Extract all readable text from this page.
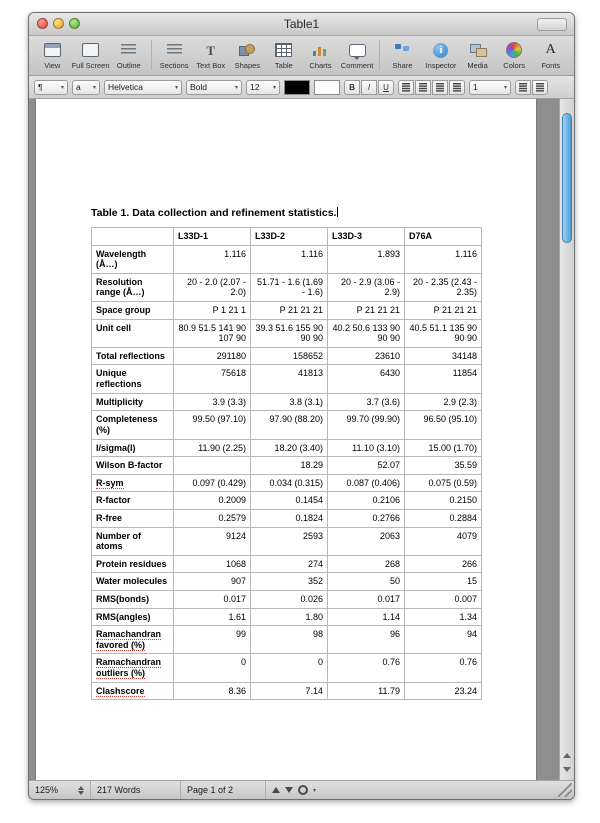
Table1
View Full Screen Outline	Sections
T
Text Box Shapes Table Charts Comment	Share
i
Inspector Media Colors
A
Fonts
¶	▾ a	▾ Helvetica	▾ Bold	▾ 12	▾	B	I	U	1	▾
Table 1. Data collection and refinement statistics.
	L33D-1	L33D-2	L33D-3	D76A
Wavelength (Å…)	1.116	1.116	1.893	1.116
Resolution range (Å…)	20 - 2.0 (2.07 - 2.0)	51.71 - 1.6 (1.69 - 1.6)	20 - 2.9 (3.06 - 2.9)	20 - 2.35 (2.43 - 2.35)
Space group	P 1 21 1	P 21 21 21	P 21 21 21	P 21 21 21
Unit cell	80.9 51.5 141 90 107 90	39.3 51.6 155 90 90 90	40.2 50.6 133 90 90 90	40.5 51.1 135 90 90 90
Total reflections	291180	158652	23610	34148
Unique reflections	75618	41813	6430	11854
Multiplicity	3.9 (3.3)	3.8 (3.1)	3.7 (3.6)	2.9 (2.3)
Completeness (%)	99.50 (97.10)	97.90 (88.20)	99.70 (99.90)	96.50 (95.10)
I/sigma(I)	11.90 (2.25)	18.20 (3.40)	11.10 (3.10)	15.00 (1.70)
Wilson B-factor		18.29	52.07	35.59
R-sym	0.097 (0.429)	0.034 (0.315)	0.087 (0.406)	0.075 (0.59)
R-factor	0.2009	0.1454	0.2106	0.2150
R-free	0.2579	0.1824	0.2766	0.2884
Number of atoms	9124	2593	2063	4079
Protein residues	1068	274	268	266
Water molecules	907	352	50	15
RMS(bonds)	0.017	0.026	0.017	0.007
RMS(angles)	1.61	1.80	1.14	1.34
Ramachandran favored (%)	99	98	96	94
Ramachandran outliers (%)	0	0	0.76	0.76
Clashscore	8.36	7.14	11.79	23.24
125%	217 Words	Page 1 of 2	▾
